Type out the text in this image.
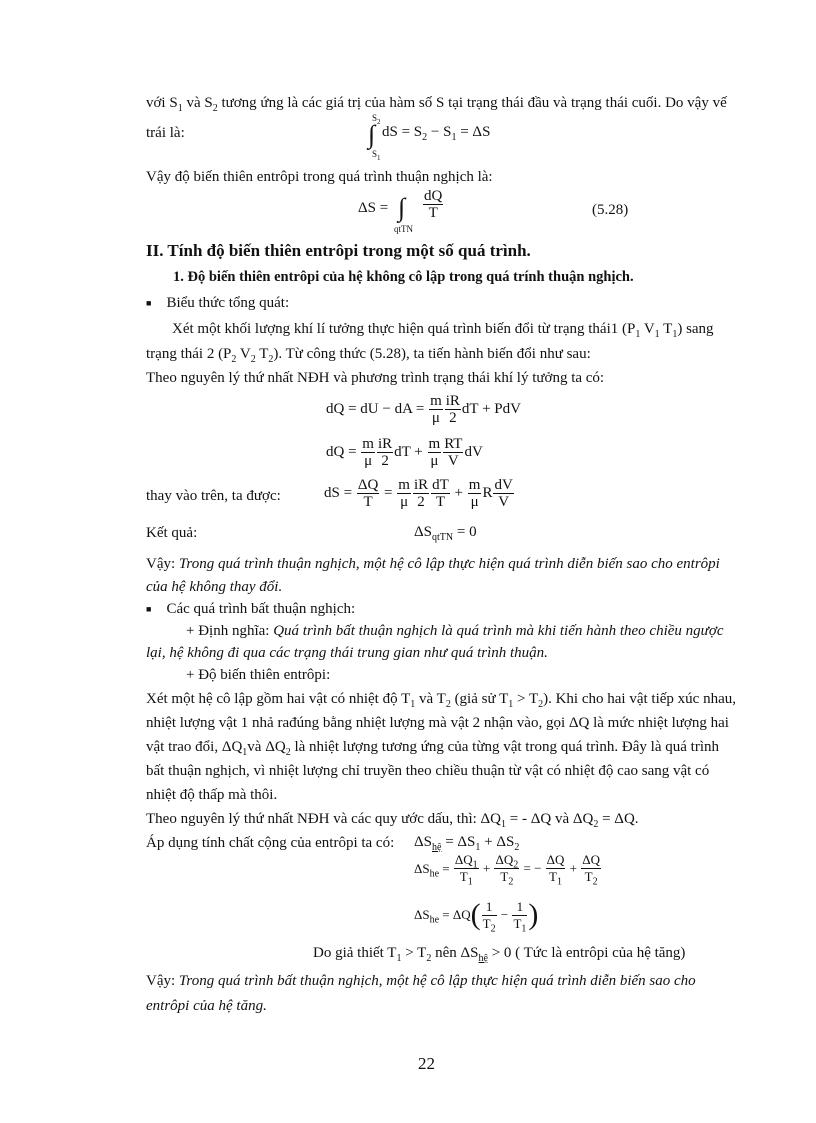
với $S_1$ và $S_2$ tương ứng là các giá trị của hàm số S tại trạng thái đầu và trạng thái cuối. Do vậy vế
trái là:
$S_2$
∫
$S_1$
dS = $S_2 - S_1 = \Delta S$
Vậy độ biến thiên entrôpi trong quá trình thuận nghịch là:
ΔS = ∫
qtTN
$\frac{dQ}{T}$	(5.28)
II. Tính độ biến thiên entrôpi trong một số quá trình.
1. Độ biến thiên entrôpi của hệ không cô lập trong quá trính thuận nghịch.
■ Biểu thức tổng quát:
Xét một khối lượng khí lí tưởng thực hiện quá trình biến đổi từ trạng thái1 ($P_1$ $V_1$ $T_1$) sang
trạng thái 2 ($P_2$ $V_2$ $T_2$). Từ công thức (5.28), ta tiến hành biến đổi như sau:
Theo nguyên lý thứ nhất NĐH và phương trình trạng thái khí lý tưởng ta có:
dQ = dU − dA = $\frac{m}{\mu} \frac{iR}{2}$ dT + PdV
dQ = $\frac{m}{\mu} \frac{iR}{2}$ dT + $\frac{m}{\mu} \frac{RT}{V}$ dV
thay vào trên, ta được:	dS = $\frac{\Delta Q}{T} = \frac{m}{\mu} \frac{iR}{2} \frac{dT}{T} + \frac{m}{\mu}$ R $\frac{dV}{V}$
Kết quả:	$\Delta S_{qtTN} = 0$
Vậy: Trong quá trình thuận nghịch, một hệ cô lập thực hiện quá trình diễn biến sao cho entrôpi
của hệ không thay đổi.
■ Các quá trình bất thuận nghịch:
+ Định nghĩa: Quá trình bất thuận nghịch là quá trình mà khi tiến hành theo chiều ngược
lại, hệ không đi qua các trạng thái trung gian như quá trình thuận.
+ Độ biến thiên entrôpi:
Xét một hệ cô lập gồm hai vật có nhiệt độ $T_1$ và $T_2$ (giả sử $T_1 > T_2$). Khi cho hai vật tiếp xúc nhau,
nhiệt lượng vật 1 nhả rađúng bằng nhiệt lượng mà vật 2 nhận vào, gọi ΔQ là mức nhiệt lượng hai
vật trao đổi, $\Delta Q_1và$ $\Delta Q_2$ là nhiệt lượng tương ứng của từng vật trong quá trình. Đây là quá trình
bất thuận nghịch, vì nhiệt lượng chỉ truyền theo chiều thuận từ vật có nhiệt độ cao sang vật có
nhiệt độ thấp mà thôi.
Theo nguyên lý thứ nhất NĐH và các quy ước dấu, thì: $\Delta Q_1$ = - ΔQ và $\Delta Q_2 = \Delta Q$.
Áp dụng tính chất cộng của entrôpi ta có: $\Delta S_{hệ} = \Delta S_1 + \Delta S_2$
$\Delta S_{he} = \frac{\Delta Q_1}{T_1} + \frac{\Delta Q_2}{T_2}$ = − $\frac{\Delta Q}{T_1} + \frac{\Delta Q}{T_2}$
$\Delta S_{he} = \Delta Q( \frac{1}{T_2} - \frac{1}{T_1}$ )
Do giả thiết $T_1 > T_2$ nên $\Delta S_{hệ} > 0$ ( Tức là entrôpi của hệ tăng)
Vậy: Trong quá trình bất thuận nghịch, một hệ cô lập thực hiện quá trình diễn biến sao cho
entrôpi của hệ tăng.
22
